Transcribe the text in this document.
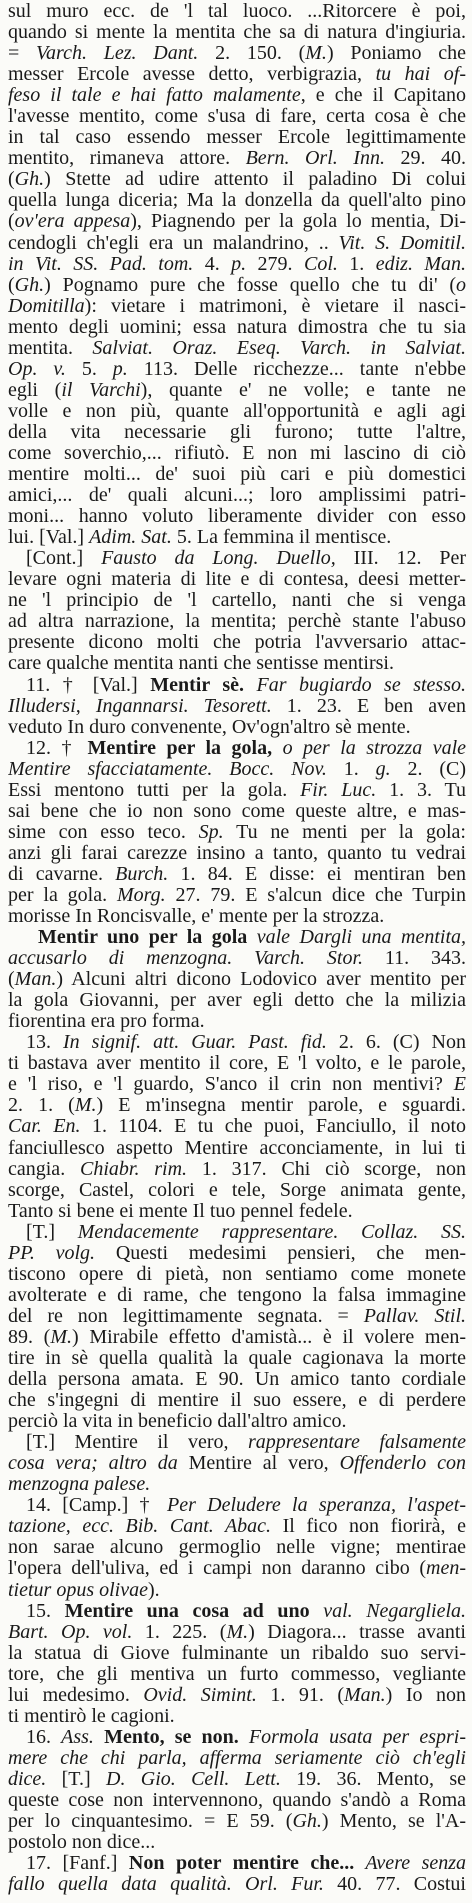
sul muro ecc. de 'l tal luoco. ...Ritorcere è poi,
quando si mente la mentita che sa di natura d'ingiuria.
= Varch. Lez. Dant. 2. 150. (M.) Poniamo che
messer Ercole avesse detto, verbigrazia, tu hai of-
feso il tale e hai fatto malamente, e che il Capitano
l'avesse mentito, come s'usa di fare, certa cosa è che
in tal caso essendo messer Ercole legittimamente
mentito, rimaneva attore. Bern. Orl. Inn. 29. 40.
(Gh.) Stette ad udire attento il paladino Di colui
quella lunga diceria; Ma la donzella da quell'alto pino
(ov'era appesa), Piagnendo per la gola lo mentia, Di-
cendogli ch'egli era un malandrino, .. Vit. S. Domitil.
in Vit. SS. Pad. tom. 4. p. 279. Col. 1. ediz. Man.
(Gh.) Pognamo pure che fosse quello che tu di' (o
Domitilla): vietare i matrimoni, è vietare il nasci-
mento degli uomini; essa natura dimostra che tu sia
mentita. Salviat. Oraz. Eseq. Varch. in Salviat.
Op. v. 5. p. 113. Delle ricchezze... tante n'ebbe
egli (il Varchi), quante e' ne volle; e tante ne
volle e non più, quante all'opportunità e agli agi
della vita necessarie gli furono; tutte l'altre,
come soverchio,... rifiutò. E non mi lascino di ciò
mentire molti... de' suoi più cari e più domestici
amici,... de' quali alcuni...; loro amplissimi patri-
moni... hanno voluto liberamente divider con esso
lui. [Val.] Adim. Sat. 5. La femmina il mentisce.
[Cont.] Fausto da Long. Duello, III. 12. Per
levare ogni materia di lite e di contesa, deesi metter-
ne 'l principio de 'l cartello, nanti che si venga
ad altra narrazione, la mentita; perchè stante l'abuso
presente dicono molti che potria l'avversario attac-
care qualche mentita nanti che sentisse mentirsi.
11. † [Val.] Mentir sè. Far bugiardo se stesso.
Illudersi, Ingannarsi. Tesorett. 1. 23. E ben aven
veduto In duro convenente, Ov'ogn'altro sè mente.
12. † Mentire per la gola, o per la strozza vale
Mentire sfacciatamente. Bocc. Nov. 1. g. 2. (C)
Essi mentono tutti per la gola. Fir. Luc. 1. 3. Tu
sai bene che io non sono come queste altre, e mas-
sime con esso teco. Sp. Tu ne menti per la gola:
anzi gli farai carezze insino a tanto, quanto tu vedrai
di cavarne. Burch. 1. 84. E disse: ei mentiran ben
per la gola. Morg. 27. 79. E s'alcun dice che Turpin
morisse In Roncisvalle, e' mente per la strozza.
Mentir uno per la gola vale Dargli una mentita,
accusarlo di menzogna. Varch. Stor. 11. 343.
(Man.) Alcuni altri dicono Lodovico aver mentito per
la gola Giovanni, per aver egli detto che la milizia
fiorentina era pro forma.
13. In signif. att. Guar. Past. fid. 2. 6. (C) Non
ti bastava aver mentito il core, E 'l volto, e le parole,
e 'l riso, e 'l guardo, S'anco il crin non mentivi? E
2. 1. (M.) E m'insegna mentir parole, e sguardi.
Car. En. 1. 1104. E tu che puoi, Fanciullo, il noto
fanciullesco aspetto Mentire acconciamente, in lui ti
cangia. Chiabr. rim. 1. 317. Chi ciò scorge, non
scorge, Castel, colori e tele, Sorge animata gente,
Tanto si bene ei mente Il tuo pennel fedele.
[T.] Mendacemente rappresentare. Collaz. SS.
PP. volg. Questi medesimi pensieri, che men-
tiscono opere di pietà, non sentiamo come monete
avolterate e di rame, che tengono la falsa immagine
del re non legittimamente segnata. = Pallav. Stil.
89. (M.) Mirabile effetto d'amistà... è il volere men-
tire in sè quella qualità la quale cagionava la morte
della persona amata. E 90. Un amico tanto cordiale
che s'ingegni di mentire il suo essere, e di perdere
perciò la vita in beneficio dall'altro amico.
[T.] Mentire il vero, rappresentare falsamente
cosa vera; altro da Mentire al vero, Offenderlo con
menzogna palese.
14. [Camp.] † Per Deludere la speranza, l'aspet-
tazione, ecc. Bib. Cant. Abac. Il fico non fiorirà, e
non sarae alcuno germoglio nelle vigne; mentirae
l'opera dell'uliva, ed i campi non daranno cibo (men-
tietur opus olivae).
15. Mentire una cosa ad uno val. Negargliela.
Bart. Op. vol. 1. 225. (M.) Diagora... trasse avanti
la statua di Giove fulminante un ribaldo suo servi-
tore, che gli mentiva un furto commesso, vegliante
lui medesimo. Ovid. Simint. 1. 91. (Man.) Io non
ti mentirò le cagioni.
16. Ass. Mento, se non. Formola usata per espri-
mere che chi parla, afferma seriamente ciò ch'egli
dice. [T.] D. Gio. Cell. Lett. 19. 36. Mento, se
queste cose non intervennono, quando s'andò a Roma
per lo cinquantesimo. = E 59. (Gh.) Mento, se l'A-
postolo non dice...
17. [Fanf.] Non poter mentire che... Avere senza
fallo quella data qualità. Orl. Fur. 40. 77. Costui
